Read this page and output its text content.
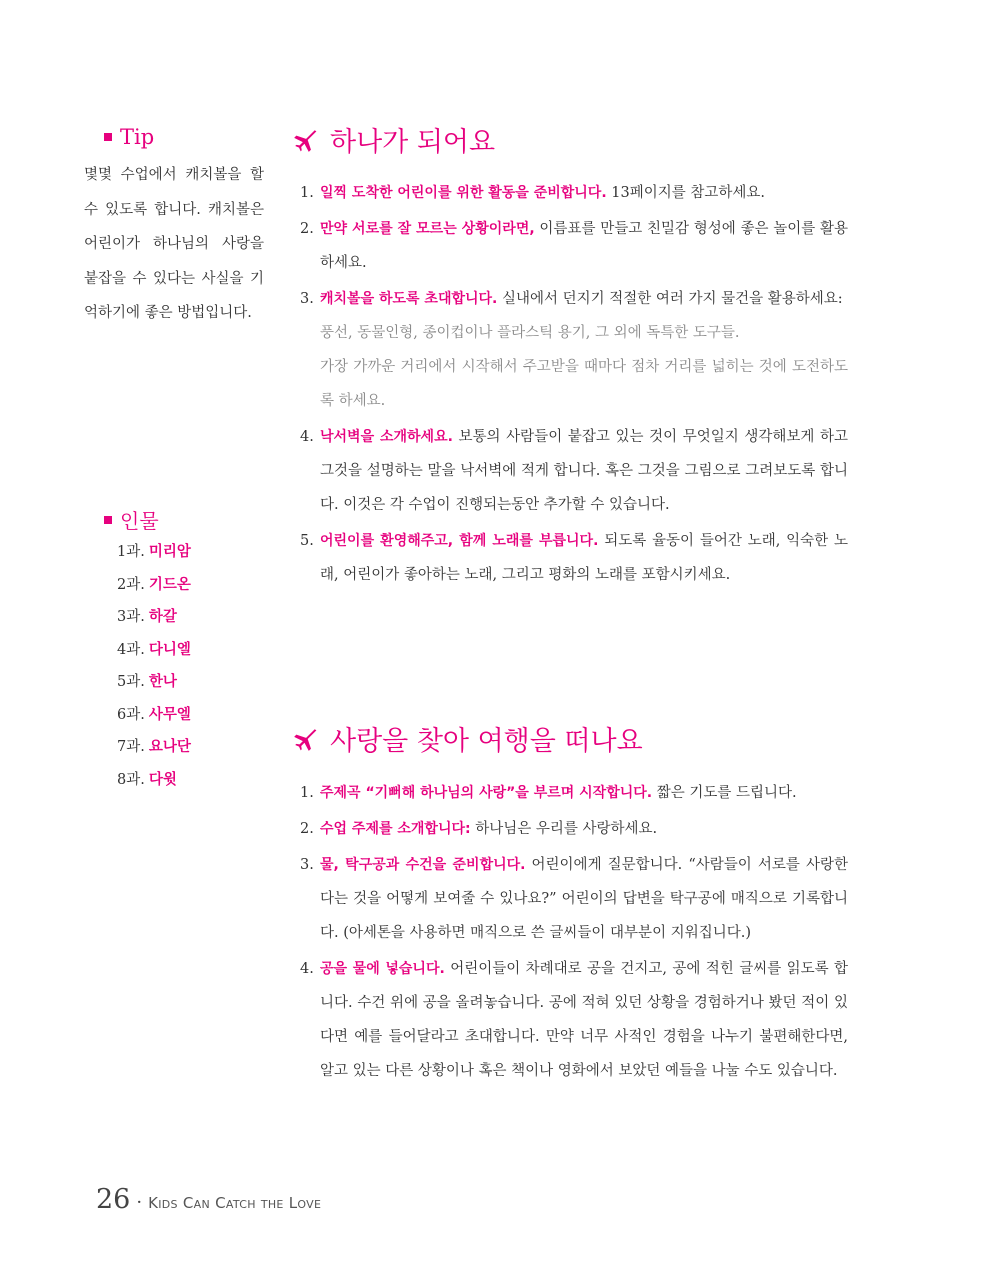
Tip
몇몇 수업에서 캐치볼을 할 수 있도록 합니다. 캐치볼은 어린이가 하나님의 사랑을 붙잡을 수 있다는 사실을 기억하기에 좋은 방법입니다.
인물
1과. 미리암
2과. 기드온
3과. 하갈
4과. 다니엘
5과. 한나
6과. 사무엘
7과. 요나단
8과. 다윗
하나가 되어요
1. 일찍 도착한 어린이를 위한 활동을 준비합니다. 13페이지를 참고하세요.
2. 만약 서로를 잘 모르는 상황이라면, 이름표를 만들고 친밀감 형성에 좋은 놀이를 활용하세요.
3. 캐치볼을 하도록 초대합니다. 실내에서 던지기 적절한 여러 가지 물건을 활용하세요:
풍선, 동물인형, 종이컵이나 플라스틱 용기, 그 외에 독특한 도구들.
가장 가까운 거리에서 시작해서 주고받을 때마다 점차 거리를 넓히는 것에 도전하도록 하세요.
4. 낙서벽을 소개하세요. 보통의 사람들이 붙잡고 있는 것이 무엇일지 생각해보게 하고 그것을 설명하는 말을 낙서벽에 적게 합니다. 혹은 그것을 그림으로 그려보도록 합니다. 이것은 각 수업이 진행되는동안 추가할 수 있습니다.
5. 어린이를 환영해주고, 함께 노래를 부릅니다. 되도록 율동이 들어간 노래, 익숙한 노래, 어린이가 좋아하는 노래, 그리고 평화의 노래를 포함시키세요.
사랑을 찾아 여행을 떠나요
1. 주제곡 “기뻐해 하나님의 사랑”을 부르며 시작합니다. 짧은 기도를 드립니다.
2. 수업 주제를 소개합니다: 하나님은 우리를 사랑하세요.
3. 물, 탁구공과 수건을 준비합니다. 어린이에게 질문합니다. “사람들이 서로를 사랑한다는 것을 어떻게 보여줄 수 있나요?” 어린이의 답변을 탁구공에 매직으로 기록합니다. (아세톤을 사용하면 매직으로 쓴 글씨들이 대부분이 지워집니다.)
4. 공을 물에 넣습니다. 어린이들이 차례대로 공을 건지고, 공에 적힌 글씨를 읽도록 합니다. 수건 위에 공을 올려놓습니다. 공에 적혀 있던 상황을 경험하거나 봤던 적이 있다면 예를 들어달라고 초대합니다. 만약 너무 사적인 경험을 나누기 불편해한다면, 알고 있는 다른 상황이나 혹은 책이나 영화에서 보았던 예들을 나눌 수도 있습니다.
26 · Kids Can Catch the Love
